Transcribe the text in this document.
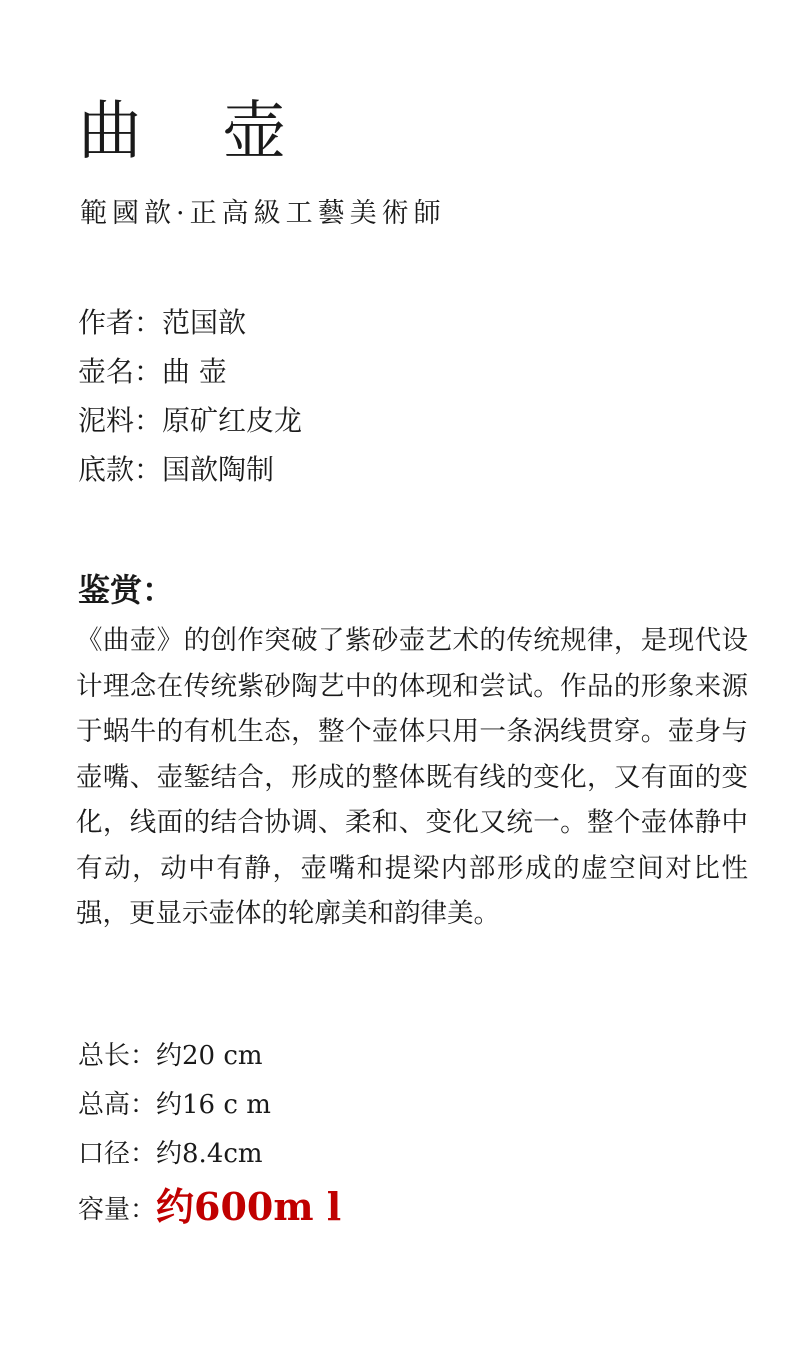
曲 壶
範國歆·正高級工藝美術師
作者：范国歆
壶名：曲 壶
泥料：原矿红皮龙
底款：国歆陶制
鉴赏：

《曲壶》的创作突破了紫砂壶艺术的传统规律，是现代设计理念在传统紫砂陶艺中的体现和尝试。作品的形象来源于蜗牛的有机生态，整个壶体只用一条涡线贯穿。壶身与壶嘴、壶錾结合，形成的整体既有线的变化，又有面的变化，线面的结合协调、柔和、变化又统一。整个壶体静中有动，动中有静，壶嘴和提梁内部形成的虚空间对比性强，更显示壶体的轮廓美和韵律美。

总长：约20 cm
总高：约16 c m
口径：约8.4cm
容量：约600m l
